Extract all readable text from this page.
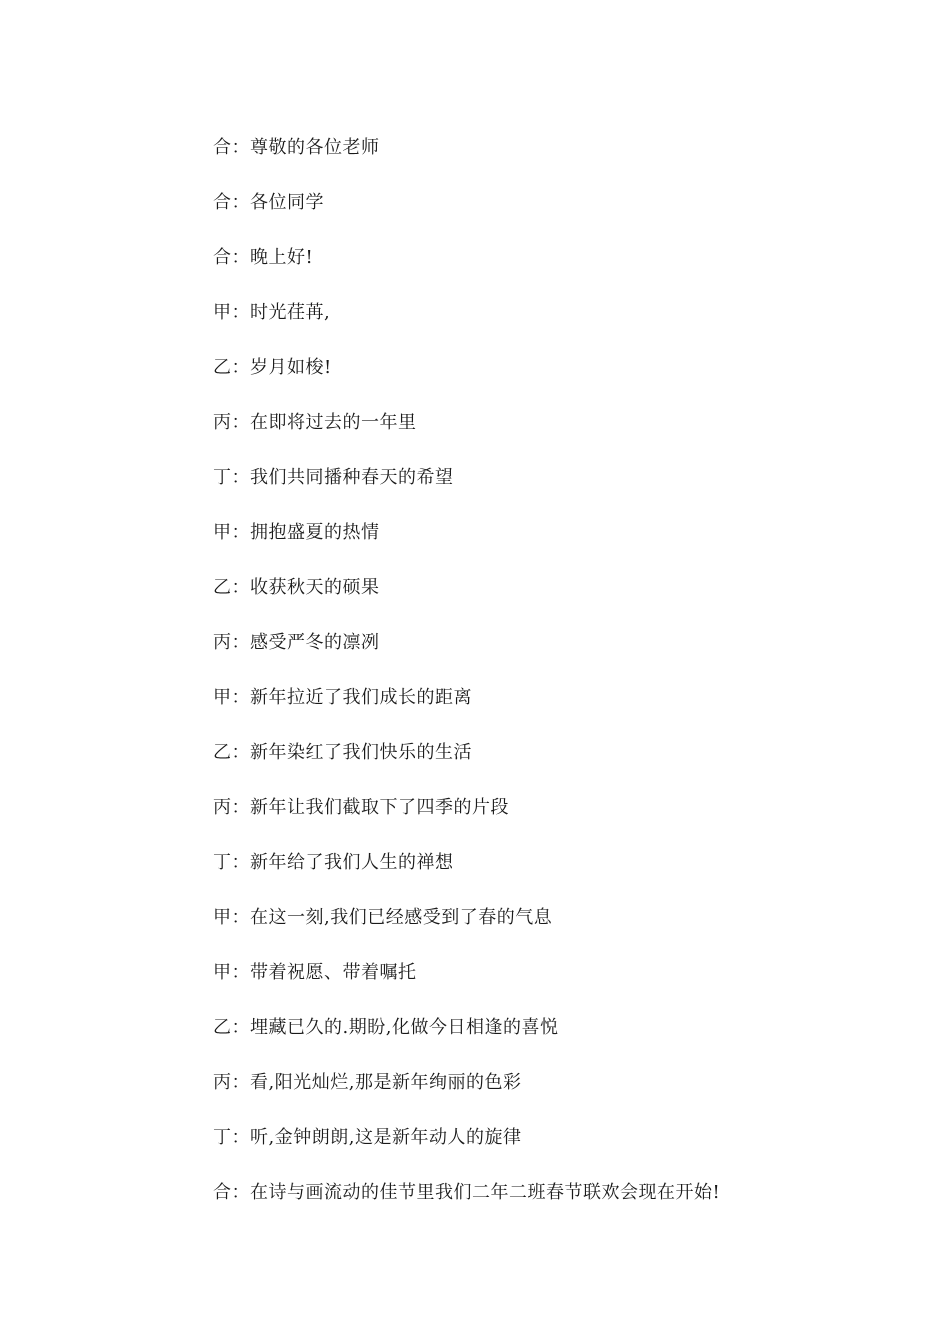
合：尊敬的各位老师
合：各位同学
合：晚上好!
甲：时光荏苒,
乙：岁月如梭!
丙：在即将过去的一年里
丁：我们共同播种春天的希望
甲：拥抱盛夏的热情
乙：收获秋天的硕果
丙：感受严冬的凛冽
甲：新年拉近了我们成长的距离
乙：新年染红了我们快乐的生活
丙：新年让我们截取下了四季的片段
丁：新年给了我们人生的禅想
甲：在这一刻,我们已经感受到了春的气息
甲：带着祝愿、带着嘱托
乙：埋藏已久的.期盼,化做今日相逢的喜悦
丙：看,阳光灿烂,那是新年绚丽的色彩
丁：听,金钟朗朗,这是新年动人的旋律
合：在诗与画流动的佳节里我们二年二班春节联欢会现在开始!
